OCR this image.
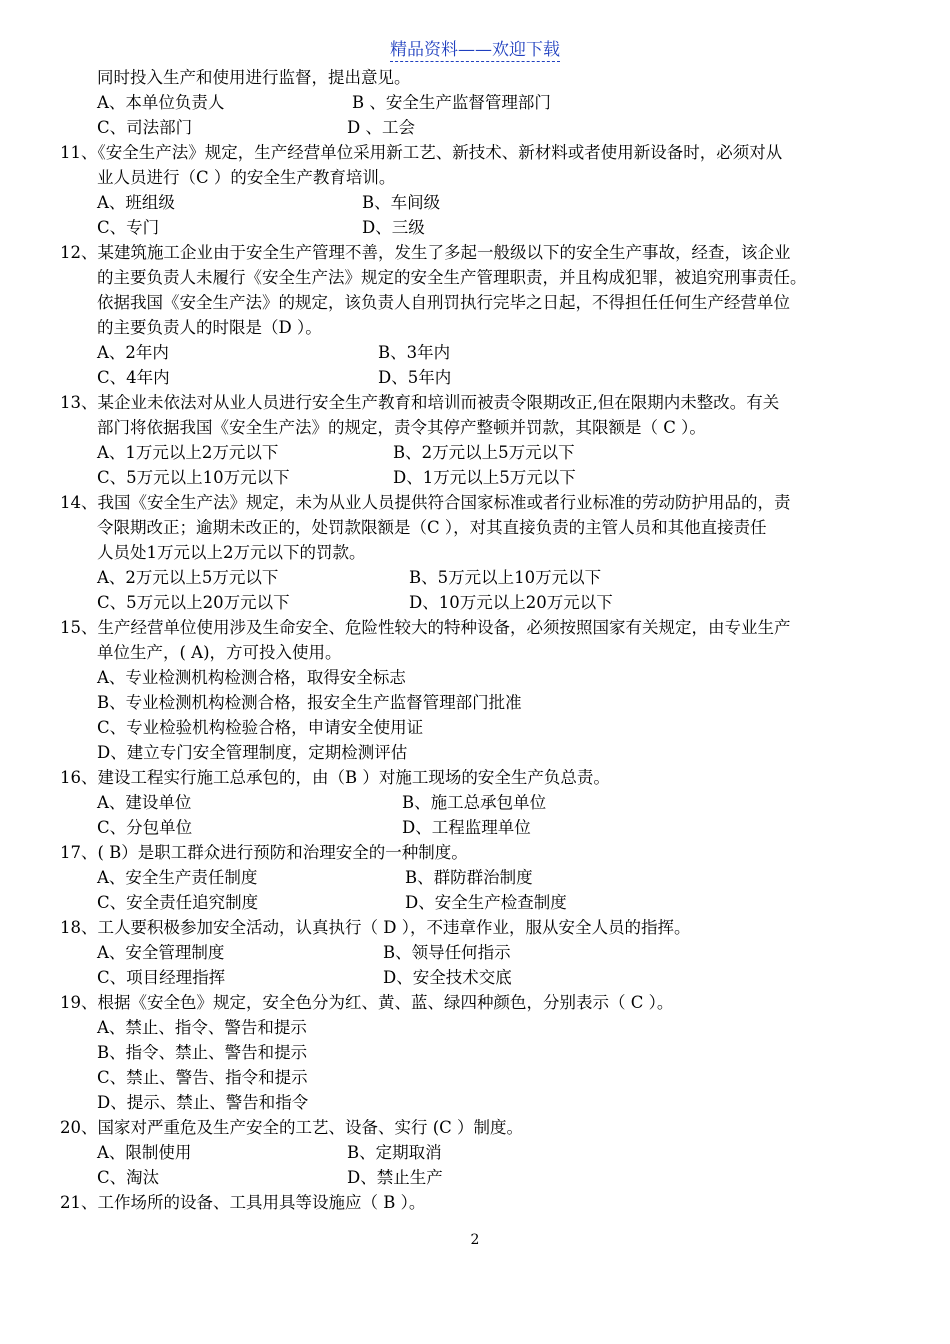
精品资料——欢迎下载
同时投入生产和使用进行监督，提出意见。
A、本单位负责人	B 、安全生产监督管理部门
C、司法部门	D 、工会
11、《安全生产法》规定，生产经营单位采用新工艺、新技术、新材料或者使用新设备时，必须对从
业人员进行（C ）的安全生产教育培训。
A、班组级	B、车间级
C、专门	D、三级
12、某建筑施工企业由于安全生产管理不善，发生了多起一般级以下的安全生产事故，经查，该企业
的主要负责人未履行《安全生产法》规定的安全生产管理职责，并且构成犯罪，被追究刑事责任。
依据我国《安全生产法》的规定，该负责人自刑罚执行完毕之日起，不得担任任何生产经营单位
的主要负责人的时限是（D ）。
A、2年内	B、3年内
C、4年内	D、5年内
13、某企业未依法对从业人员进行安全生产教育和培训而被责令限期改正,但在限期内未整改。有关
部门将依据我国《安全生产法》的规定，责令其停产整顿并罚款，其限额是（ C ）。
A、1万元以上2万元以下	B、2万元以上5万元以下
C、5万元以上10万元以下	D、1万元以上5万元以下
14、我国《安全生产法》规定，未为从业人员提供符合国家标准或者行业标准的劳动防护用品的，责
令限期改正；逾期未改正的，处罚款限额是（C ），对其直接负责的主管人员和其他直接责任
人员处1万元以上2万元以下的罚款。
A、2万元以上5万元以下	B、5万元以上10万元以下
C、5万元以上20万元以下	D、10万元以上20万元以下
15、生产经营单位使用涉及生命安全、危险性较大的特种设备，必须按照国家有关规定，由专业生产
单位生产，( A)，方可投入使用。
A、专业检测机构检测合格，取得安全标志
B、专业检测机构检测合格，报安全生产监督管理部门批准
C、专业检验机构检验合格，申请安全使用证
D、建立专门安全管理制度，定期检测评估
16、建设工程实行施工总承包的，由（B ）对施工现场的安全生产负总责。
A、建设单位	B、施工总承包单位
C、分包单位	D、工程监理单位
17、( B）是职工群众进行预防和治理安全的一种制度。
A、安全生产责任制度	B、群防群治制度
C、安全责任追究制度	D、安全生产检查制度
18、工人要积极参加安全活动，认真执行（ D ），不违章作业，服从安全人员的指挥。
A、安全管理制度	B、领导任何指示
C、项目经理指挥	D、安全技术交底
19、根据《安全色》规定，安全色分为红、黄、蓝、绿四种颜色，分别表示（ C ）。
A、禁止、指令、警告和提示
B、指令、禁止、警告和提示
C、禁止、警告、指令和提示
D、提示、禁止、警告和指令
20、国家对严重危及生产安全的工艺、设备、实行 (C ）制度。
A、限制使用	B、定期取消
C、淘汰	D、禁止生产
21、工作场所的设备、工具用具等设施应（ B ）。
2
